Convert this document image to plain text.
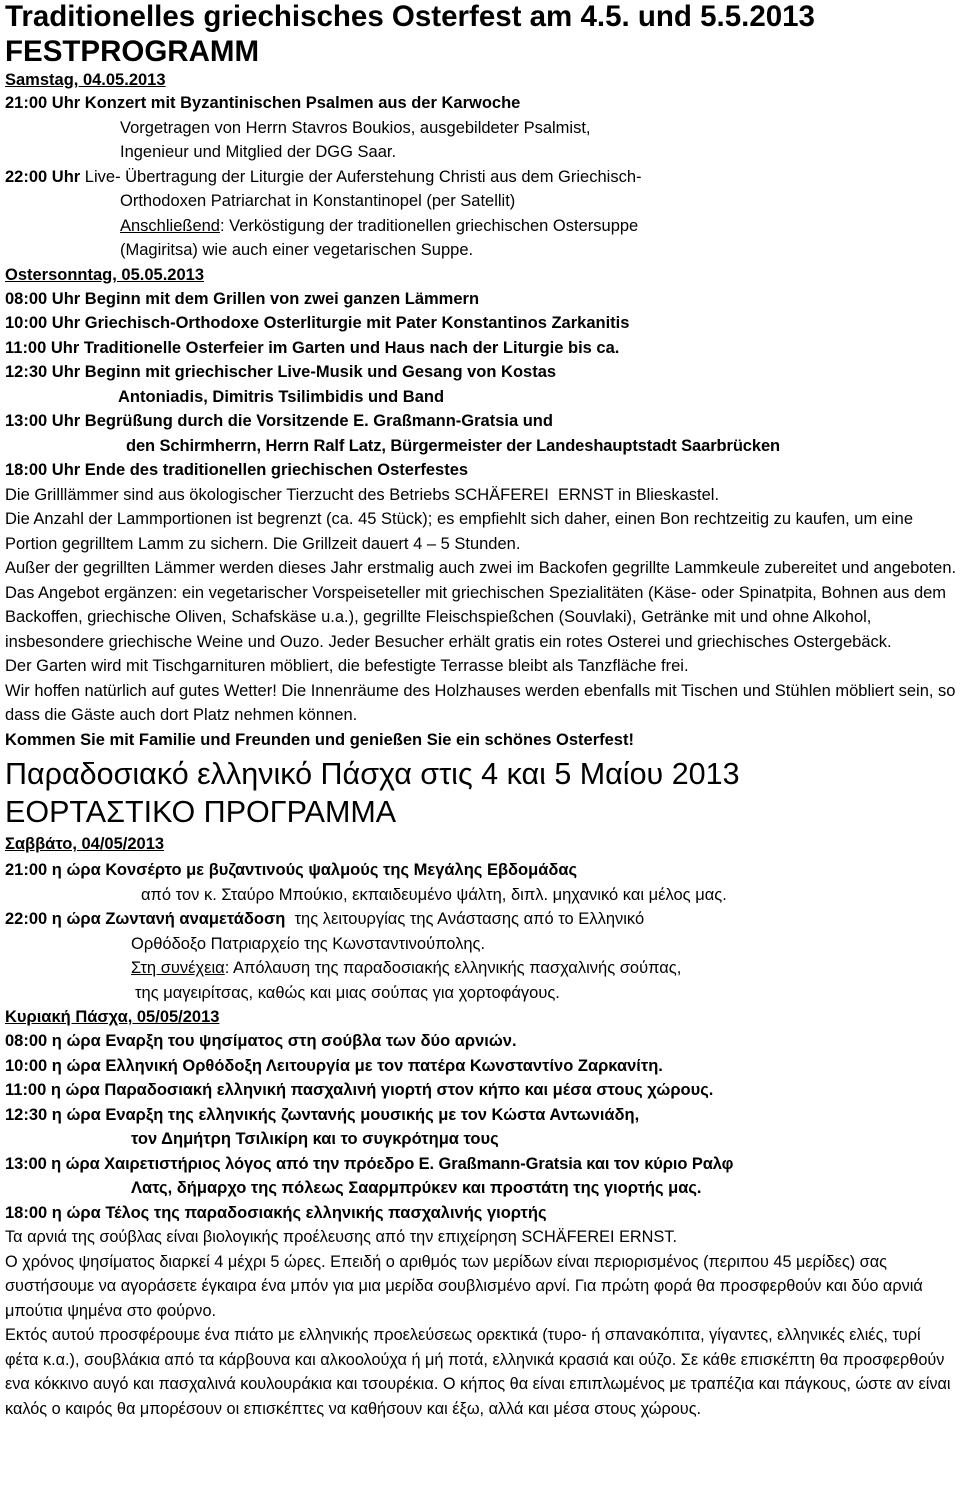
Traditionelles griechisches Osterfest am 4.5. und 5.5.2013
FESTPROGRAMM
Samstag, 04.05.2013
21:00 Uhr
Konzert mit Byzantinischen Psalmen aus der Karwoche
Vorgetragen von Herrn Stavros Boukios, ausgebildeter Psalmist,
Ingenieur und Mitglied der DGG Saar.
22:00 Uhr
Live- Übertragung der Liturgie der Auferstehung Christi aus dem Griechisch-
Orthodoxen Patriarchat in Konstantinopel (per Satellit)
Anschließend: Verköstigung der traditionellen griechischen Ostersuppe
(Magiritsa) wie auch einer vegetarischen Suppe.
Ostersonntag, 05.05.2013
08:00 Uhr
Beginn mit dem Grillen von zwei ganzen Lämmern
10:00 Uhr
Griechisch-Orthodoxe Osterliturgie mit Pater Konstantinos Zarkanitis
11:00 Uhr
Traditionelle Osterfeier im Garten und Haus nach der Liturgie bis ca.
12:30 Uhr
Beginn mit griechischer Live-Musik und Gesang von Kostas
Antoniadis, Dimitris Tsilimbidis und Band
13:00 Uhr
Begrüßung durch die Vorsitzende E. Graßmann-Gratsia und
den Schirmherrn, Herrn Ralf Latz, Bürgermeister der Landeshauptstadt Saarbrücken
18:00 Uhr
Ende des traditionellen griechischen Osterfestes
Die Grilllämmer sind aus ökologischer Tierzucht des Betriebs SCHÄFEREI  ERNST in Blieskastel.
Die Anzahl der Lammportionen ist begrenzt (ca. 45 Stück); es empfiehlt sich daher, einen Bon rechtzeitig zu kaufen, um eine Portion gegrilltem Lamm zu sichern. Die Grillzeit dauert 4 – 5 Stunden.
Außer der gegrillten Lämmer werden dieses Jahr erstmalig auch zwei im Backofen gegrillte Lammkeule zubereitet und angeboten.
Das Angebot ergänzen: ein vegetarischer Vorspeiseteller mit griechischen Spezialitäten (Käse- oder Spinatpita, Bohnen aus dem Backoffen, griechische Oliven, Schafskäse u.a.), gegrillte Fleischspießchen (Souvlaki), Getränke mit und ohne Alkohol, insbesondere griechische Weine und Ouzo. Jeder Besucher erhält gratis ein rotes Osterei und griechisches Ostergebäck.
Der Garten wird mit Tischgarnituren möbliert, die befestigte Terrasse bleibt als Tanzfläche frei.
Wir hoffen natürlich auf gutes Wetter! Die Innenräume des Holzhauses werden ebenfalls mit Tischen und Stühlen möbliert sein, so dass die Gäste auch dort Platz nehmen können.
Kommen Sie mit Familie und Freunden und genießen Sie ein schönes Osterfest!
Παραδοσιακό ελληνικό Πάσχα στις 4 και 5 Μαίου 2013
ΕΟΡΤΑΣΤΙΚΟ ΠΡΟΓΡΑΜΜΑ
Σαββάτο, 04/05/2013
21:00 η ώρα Κονσέρτο με βυζαντινούς ψαλμούς της Μεγάλης Εβδομάδας
από τον κ. Σταύρο Μπούκιο, εκπαιδευμένο ψάλτη, διπλ. μηχανικό και μέλος μας.
22:00 η ώρα Ζωντανή αναμετάδοση  της λειτουργίας της Ανάστασης από το Ελληνικό
Ορθόδοξο Πατριαρχείο της Κωνσταντινούπολης.
Στη συνέχεια: Απόλαυση της παραδοσιακής ελληνικής πασχαλινής σούπας,
της μαγειρίτσας, καθώς και μιας σούπας για χορτοφάγους.
Κυριακή Πάσχα, 05/05/2013
08:00 η ώρα Εναρξη του ψησίματος στη σούβλα των δύο αρνιών.
10:00 η ώρα Ελληνική Ορθόδοξη Λειτουργία με τον πατέρα Κωνσταντίνο Ζαρκανίτη.
11:00 η ώρα Παραδοσιακή ελληνική πασχαλινή γιορτή στον κήπο και μέσα στους χώρους.
12:30 η ώρα Εναρξη της ελληνικής ζωντανής μουσικής με τον Κώστα Αντωνιάδη,
τον Δημήτρη Τσιλικίρη και το συγκρότημα τους
13:00 η ώρα Χαιρετιστήριος λόγος από την πρόεδρο Ε. Graßmann-Gratsia και τον κύριο Ραλφ
Λατς, δήμαρχο της πόλεως Σααρμπρύκεν και προστάτη της γιορτής μας.
18:00 η ώρα Τέλος της παραδοσιακής ελληνικής πασχαλινής γιορτής
Τα αρνιά της σούβλας είναι βιολογικής προέλευσης από την επιχείρηση SCHÄFEREI ERNST.
Ο χρόνος ψησίματος διαρκεί 4 μέχρι 5 ώρες. Επειδή ο αριθμός των μερίδων είναι περιορισμένος (περιπου 45 μερίδες) σας συστήσουμε να αγοράσετε έγκαιρα ένα μπόν για μια μερίδα σουβλισμένο αρνί. Για πρώτη φορά θα προσφερθούν και δύο αρνιά μπούτια ψημένα στο φούρνο.
Εκτός αυτού προσφέρουμε ένα πιάτο με ελληνικής προελεύσεως ορεκτικά (τυρο- ή σπανακόπιτα, γίγαντες, ελληνικές ελιές, τυρί φέτα κ.α.), σουβλάκια από τα κάρβουνα και αλκοολούχα ή μή ποτά, ελληνικά κρασιά και ούζο. Σε κάθε επισκέπτη θα προσφερθούν ενα κόκκινο αυγό και πασχαλινά κουλουράκια και τσουρέκια. Ο κήπος θα είναι επιπλωμένος με τραπέζια και πάγκους, ώστε αν είναι καλός ο καιρός θα μπορέσουν οι επισκέπτες να καθήσουν και έξω, αλλά και μέσα στους χώρους.
